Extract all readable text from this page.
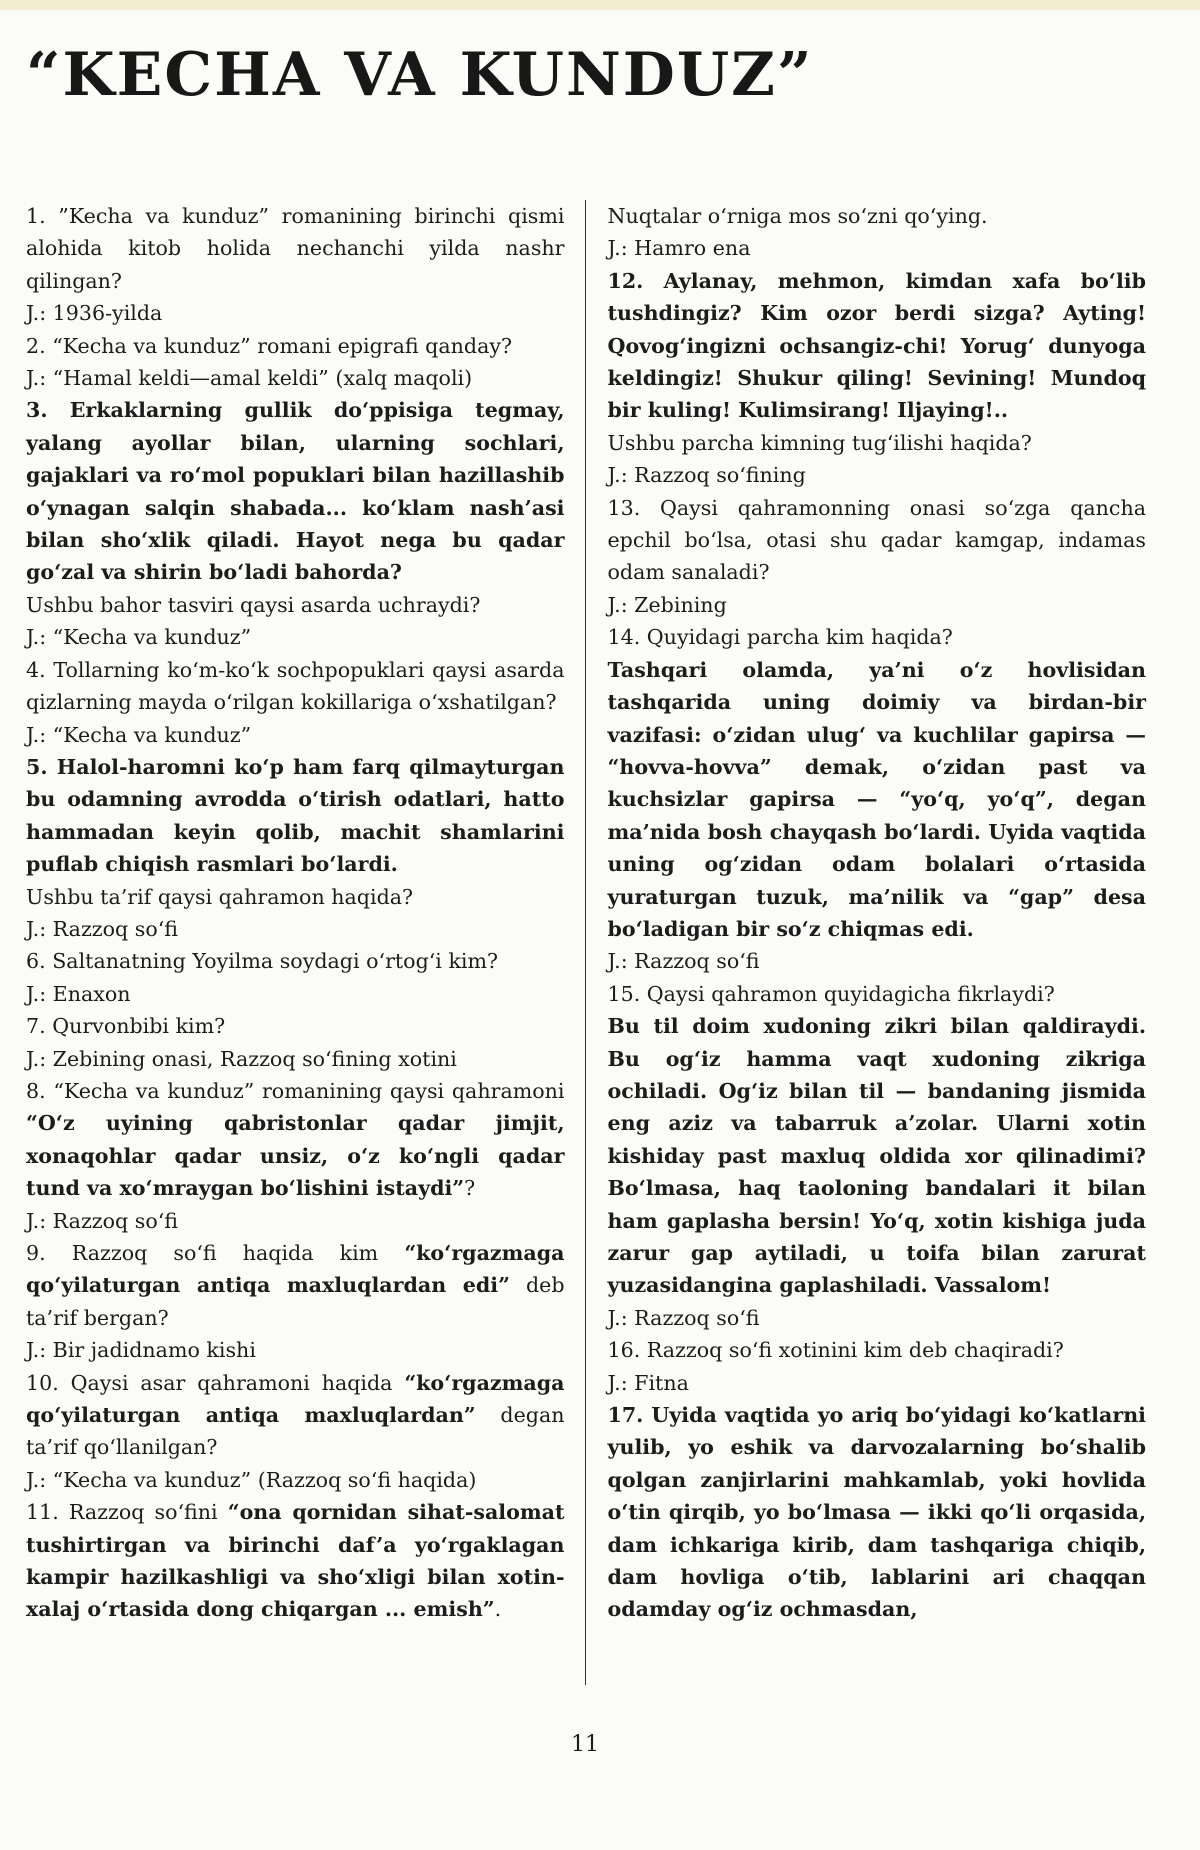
“KECHA VA KUNDUZ”

1. ”Kecha va kunduz” romanining birinchi qismi alohida kitob holida nechanchi yilda nashr qilingan?

J.: 1936-yilda

2. “Kecha va kunduz” romani epigrafi qanday?

J.: “Hamal keldi—amal keldi” (xalq maqoli)

3. Erkaklarning gullik do‘ppisiga tegmay, yalang ayollar bilan, ularning sochlari, gajaklari va ro‘mol popuklari bilan hazillashib o‘ynagan salqin shabada... ko‘klam nash’asi bilan sho‘xlik qiladi. Hayot nega bu qadar go‘zal va shirin bo‘ladi bahorda?

Ushbu bahor tasviri qaysi asarda uchraydi?

J.: “Kecha va kunduz”

4. Tollarning ko‘m-ko‘k sochpopuklari qaysi asarda qizlarning mayda o‘rilgan kokillariga o‘xshatilgan?

J.: “Kecha va kunduz”

5. Halol-haromni ko‘p ham farq qilmayturgan bu odamning avrodda o‘tirish odatlari, hatto hammadan keyin qolib, machit shamlarini puflab chiqish rasmlari bo‘lardi.

Ushbu ta’rif qaysi qahramon haqida?

J.: Razzoq so‘fi

6. Saltanatning Yoyilma soydagi o‘rtog‘i kim?

J.: Enaxon

7. Qurvonbibi kim?

J.: Zebining onasi, Razzoq so‘fining xotini

8. “Kecha va kunduz” romanining qaysi qahramoni “O‘z uyining qabristonlar qadar jimjit, xonaqohlar qadar unsiz, o‘z ko‘ngli qadar tund va xo‘mraygan bo‘lishini istaydi”?

J.: Razzoq so‘fi

9. Razzoq so‘fi haqida kim “ko‘rgazmaga qo‘yilaturgan antiqa maxluqlardan edi” deb ta’rif bergan?

J.: Bir jadidnamo kishi

10. Qaysi asar qahramoni haqida “ko‘rgazmaga qo‘yilaturgan antiqa maxluqlardan” degan ta’rif qo‘llanilgan?

J.: “Kecha va kunduz” (Razzoq so‘fi haqida)

11. Razzoq so‘fini “ona qornidan sihat-salomat tushirtirgan va birinchi daf’a yo‘rgaklagan kampir hazilkashligi va sho‘xligi bilan xotin-xalaj o‘rtasida dong chiqargan ... emish”.

Nuqtalar o‘rniga mos so‘zni qo‘ying.

J.: Hamro ena

12. Aylanay, mehmon, kimdan xafa bo‘lib tushdingiz? Kim ozor berdi sizga? Ayting! Qovog‘ingizni ochsangiz-chi! Yorug‘ dunyoga keldingiz! Shukur qiling! Sevining! Mundoq bir kuling! Kulimsirang! Iljaying!..

Ushbu parcha kimning tug‘ilishi haqida?

J.: Razzoq so‘fining

13. Qaysi qahramonning onasi so‘zga qancha epchil bo‘lsa, otasi shu qadar kamgap, indamas odam sanaladi?

J.: Zebining

14. Quyidagi parcha kim haqida?

Tashqari olamda, ya’ni o‘z hovlisidan tashqarida uning doimiy va birdan-bir vazifasi: o‘zidan ulug‘ va kuchlilar gapirsa — “hovva-hovva” demak, o‘zidan past va kuchsizlar gapirsa — “yo‘q, yo‘q”, degan ma’nida bosh chayqash bo‘lardi. Uyida vaqtida uning og‘zidan odam bolalari o‘rtasida yuraturgan tuzuk, ma’nilik va “gap” desa bo‘ladigan bir so‘z chiqmas edi.

J.: Razzoq so‘fi

15. Qaysi qahramon quyidagicha fikrlaydi?

Bu til doim xudoning zikri bilan qaldiraydi. Bu og‘iz hamma vaqt xudoning zikriga ochiladi. Og‘iz bilan til — bandaning jismida eng aziz va tabarruk a’zolar. Ularni xotin kishiday past maxluq oldida xor qilinadimi? Bo‘lmasa, haq taoloning bandalari it bilan ham gaplasha bersin! Yo‘q, xotin kishiga juda zarur gap aytiladi, u toifa bilan zarurat yuzasidangina gaplashiladi. Vassalom!

J.: Razzoq so‘fi

16. Razzoq so‘fi xotinini kim deb chaqiradi?

J.: Fitna

17. Uyida vaqtida yo ariq bo‘yidagi ko‘katlarni yulib, yo eshik va darvozalarning bo‘shalib qolgan zanjirlarini mahkamlab, yoki hovlida o‘tin qirqib, yo bo‘lmasa — ikki qo‘li orqasida, dam ichkariga kirib, dam tashqariga chiqib, dam hovliga o‘tib, lablarini ari chaqqan odamday og‘iz ochmasdan,

11
